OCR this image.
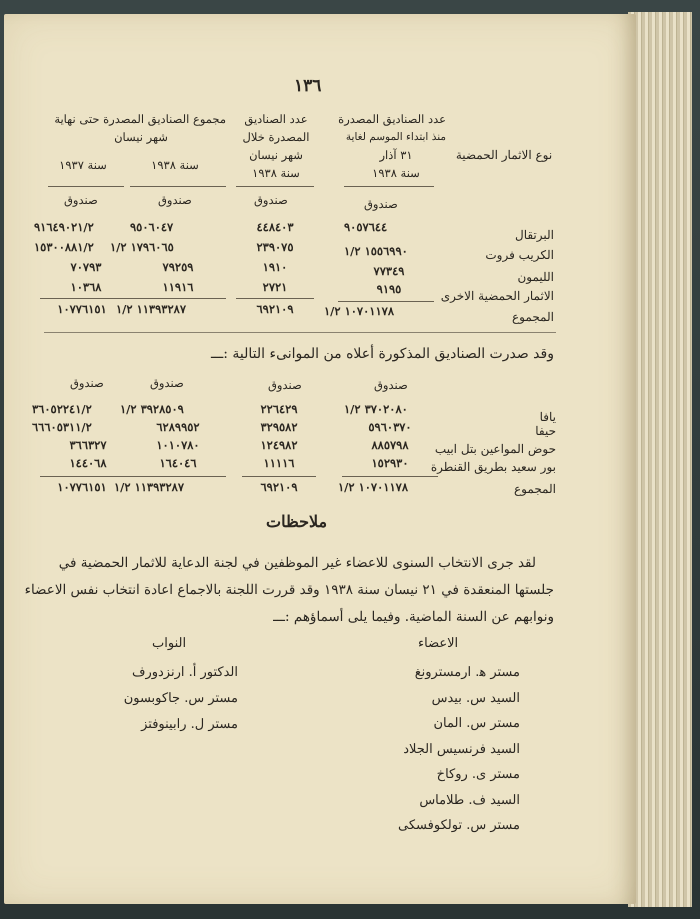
١٣٦
عدد الصناديق المصدرة
منذ ابتداء الموسم لغاية
٣١ آذار
سنة ١٩٣٨
عدد الصناديق
المصدرة خلال
شهر نيسان
سنة ١٩٣٨
مجموع الصناديق المصدرة حتى نهاية
شهر نيسان
سنة ١٩٣٨
سنة ١٩٣٧
نوع الاثمار الحمضية
صندوق
صندوق
صندوق
صندوق
البرتقال
٩٠٥٧٦٤٤
٤٤٨٤٠٣
٩٥٠٦٠٤٧
٩١٦٤٩٠٢١/٢
الكريب فروت
١٥٥٦٩٩٠ ١/٢
٢٣٩٠٧٥
١٧٩٦٠٦٥ ١/٢
١٥٣٠٠٨٨١/٢
الليمون
٧٧٣٤٩
١٩١٠
٧٩٢٥٩
٧٠٧٩٣
الاثمار الحمضية الاخرى
٩١٩٥
٢٧٢١
١١٩١٦
١٠٣٦٨
المجموع
١٠٧٠١١٧٨ ١/٢
٦٩٢١٠٩
١١٣٩٣٢٨٧ ١/٢
١٠٧٧٦١٥١
وقد صدرت الصناديق المذكورة أعلاه من الموانىء التالية :ـــ
صندوق
صندوق
صندوق
صندوق
يافا
٣٧٠٢٠٨٠ ١/٢
٢٢٦٤٢٩
٣٩٢٨٥٠٩ ١/٢
٣٦٠٥٢٢٤١/٢
حيفا
٥٩٦٠٣٧٠
٣٢٩٥٨٢
٦٢٨٩٩٥٢
٦٦٦٠٥٣١١/٢
حوض المواعين بتل ابيب
٨٨٥٧٩٨
١٢٤٩٨٢
١٠١٠٧٨٠
٣٦٦٣٢٧
بور سعيد بطريق القنطرة
١٥٢٩٣٠
١١١١٦
١٦٤٠٤٦
١٤٤٠٦٨
المجموع
١٠٧٠١١٧٨ ١/٢
٦٩٢١٠٩
١١٣٩٣٢٨٧ ١/٢
١٠٧٧٦١٥١
ملاحظات
لقد جرى الانتخاب السنوى للاعضاء غير الموظفين في لجنة الدعاية للاثمار الحمضية في
جلستها المنعقدة في ٢١ نيسان سنة ١٩٣٨ وقد قررت اللجنة بالاجماع اعادة انتخاب نفس الاعضاء
ونوابهم عن السنة الماضية. وفيما يلى أسماؤهم :ـــ
الاعضاء
النواب
مستر ﻫ. ارمسترونغ
السيد س. بيدس
مستر س. المان
السيد فرنسيس الجلاد
مستر ى. روكاخ
السيد ف. طلاماس
مستر س. تولكوفسكى
الدكتور أ. ارنزدورف
مستر س. جاكوبسون
مستر ل. رابينوفتز
